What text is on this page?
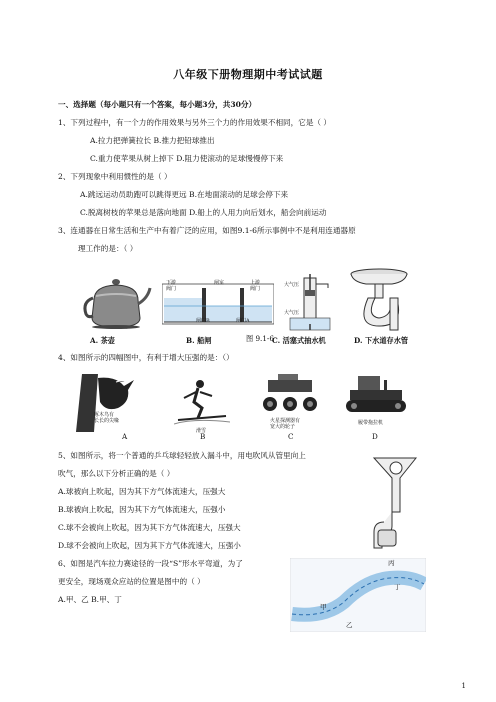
八年级下册物理期中考试试题
一、选择题（每小题只有一个答案，每小题3分，共30分）
1、下列过程中，有一个力的作用效果与另外三个力的作用效果不相同，它是（ ）
A.拉力把弹簧拉长 B.推力把铅球推出
C.重力使苹果从树上掉下 D.阻力使滚动的足球慢慢停下来
2、下列现象中利用惯性的是（ ）
A.跳远运动员助跑可以跳得更远 B.在地面滚动的足球会停下来
C.脱离树枝的苹果总是落向地面 D.船上的人用力向后划水，船会向前运动
3、连通器在日常生活和生产中有着广泛的应用，如图9.1-6所示事例中不是利用连通器原
理工作的是：（ ）
下游
阀门
闸室	上游
阀门
闸门B	闸门A
大气压
大气压
A. 茶壶	B. 船闸	图 9.1-6
C. 活塞式抽水机	D. 下水道存水管
4、如图所示的四幅图中，有利于增大压强的是：（）
啄木鸟有
长长的尖喙
滑雪
火星探测器有
宽大的轮子
履带拖拉机
A	B	C	D
5、如图所示，将一个普通的乒乓球轻轻放入漏斗中，用电吹风从管里向上
吹气，那么以下分析正确的是（ ）
A.球被向上吹起，因为其下方气体流速大，压强大
B.球被向上吹起，因为其下方气体流速大，压强小
C.球不会被向上吹起，因为其下方气体流速大，压强大
D.球不会被向上吹起，因为其下方气体流速大，压强小
6、如图是汽车拉力赛途径的一段“S”形水平弯道，为了
更安全，现场观众应站的位置是图中的（ ）
A.甲、乙 B.甲、丁
丙
丁
甲
乙
1
